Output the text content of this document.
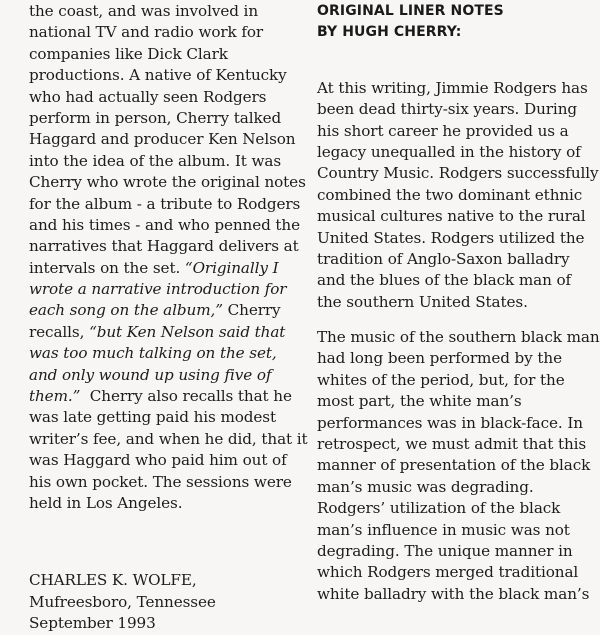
the coast, and was involved in
national TV and radio work for
companies like Dick Clark
productions. A native of Kentucky
who had actually seen Rodgers
perform in person, Cherry talked
Haggard and producer Ken Nelson
into the idea of the album. It was
Cherry who wrote the original notes
for the album - a tribute to Rodgers
and his times - and who penned the
narratives that Haggard delivers at
intervals on the set. “Originally I
wrote a narrative introduction for
each song on the album,” Cherry
recalls, “but Ken Nelson said that
was too much talking on the set,
and only wound up using five of
them.” Cherry also recalls that he
was late getting paid his modest
writer’s fee, and when he did, that it
was Haggard who paid him out of
his own pocket. The sessions were
held in Los Angeles.
CHARLES K. WOLFE,
Mufreesboro, Tennessee
September 1993
ORIGINAL LINER NOTES
BY HUGH CHERRY:
At this writing, Jimmie Rodgers has
been dead thirty-six years. During
his short career he provided us a
legacy unequalled in the history of
Country Music. Rodgers successfully
combined the two dominant ethnic
musical cultures native to the rural
United States. Rodgers utilized the
tradition of Anglo-Saxon balladry
and the blues of the black man of
the southern United States.
The music of the southern black man
had long been performed by the
whites of the period, but, for the
most part, the white man’s
performances was in black-face. In
retrospect, we must admit that this
manner of presentation of the black
man’s music was degrading.
Rodgers’ utilization of the black
man’s influence in music was not
degrading. The unique manner in
which Rodgers merged traditional
white balladry with the black man’s
